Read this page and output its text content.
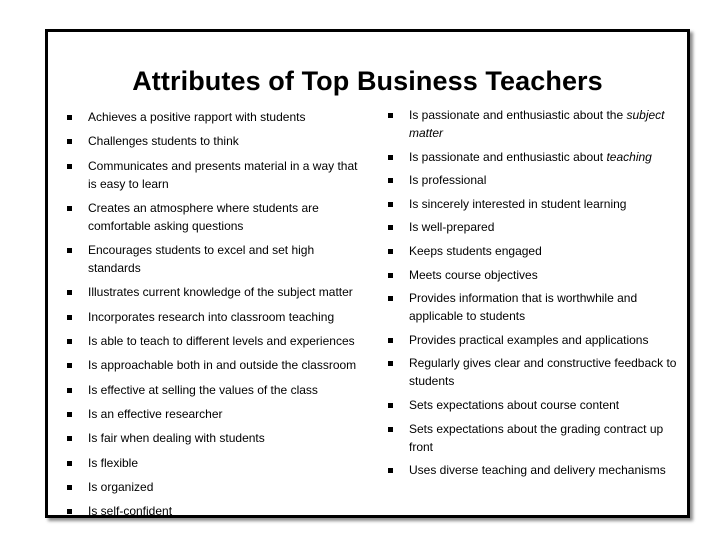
Attributes of Top Business Teachers
Achieves a positive rapport with students
Challenges students to think
Communicates and presents material in a way that is easy to learn
Creates an atmosphere where students are comfortable asking questions
Encourages students to excel and set high standards
Illustrates current knowledge of the subject matter
Incorporates research into classroom teaching
Is able to teach to different levels and experiences
Is approachable both in and outside the classroom
Is effective at selling the values of the class
Is an effective researcher
Is fair when dealing with students
Is flexible
Is organized
Is self-confident
Is passionate and enthusiastic about the subject matter
Is passionate and enthusiastic about teaching
Is professional
Is sincerely interested in student learning
Is well-prepared
Keeps students engaged
Meets course objectives
Provides information that is worthwhile and applicable to students
Provides practical examples and applications
Regularly gives clear and constructive feedback to students
Sets expectations about course content
Sets expectations about the grading contract up front
Uses diverse teaching and delivery mechanisms
